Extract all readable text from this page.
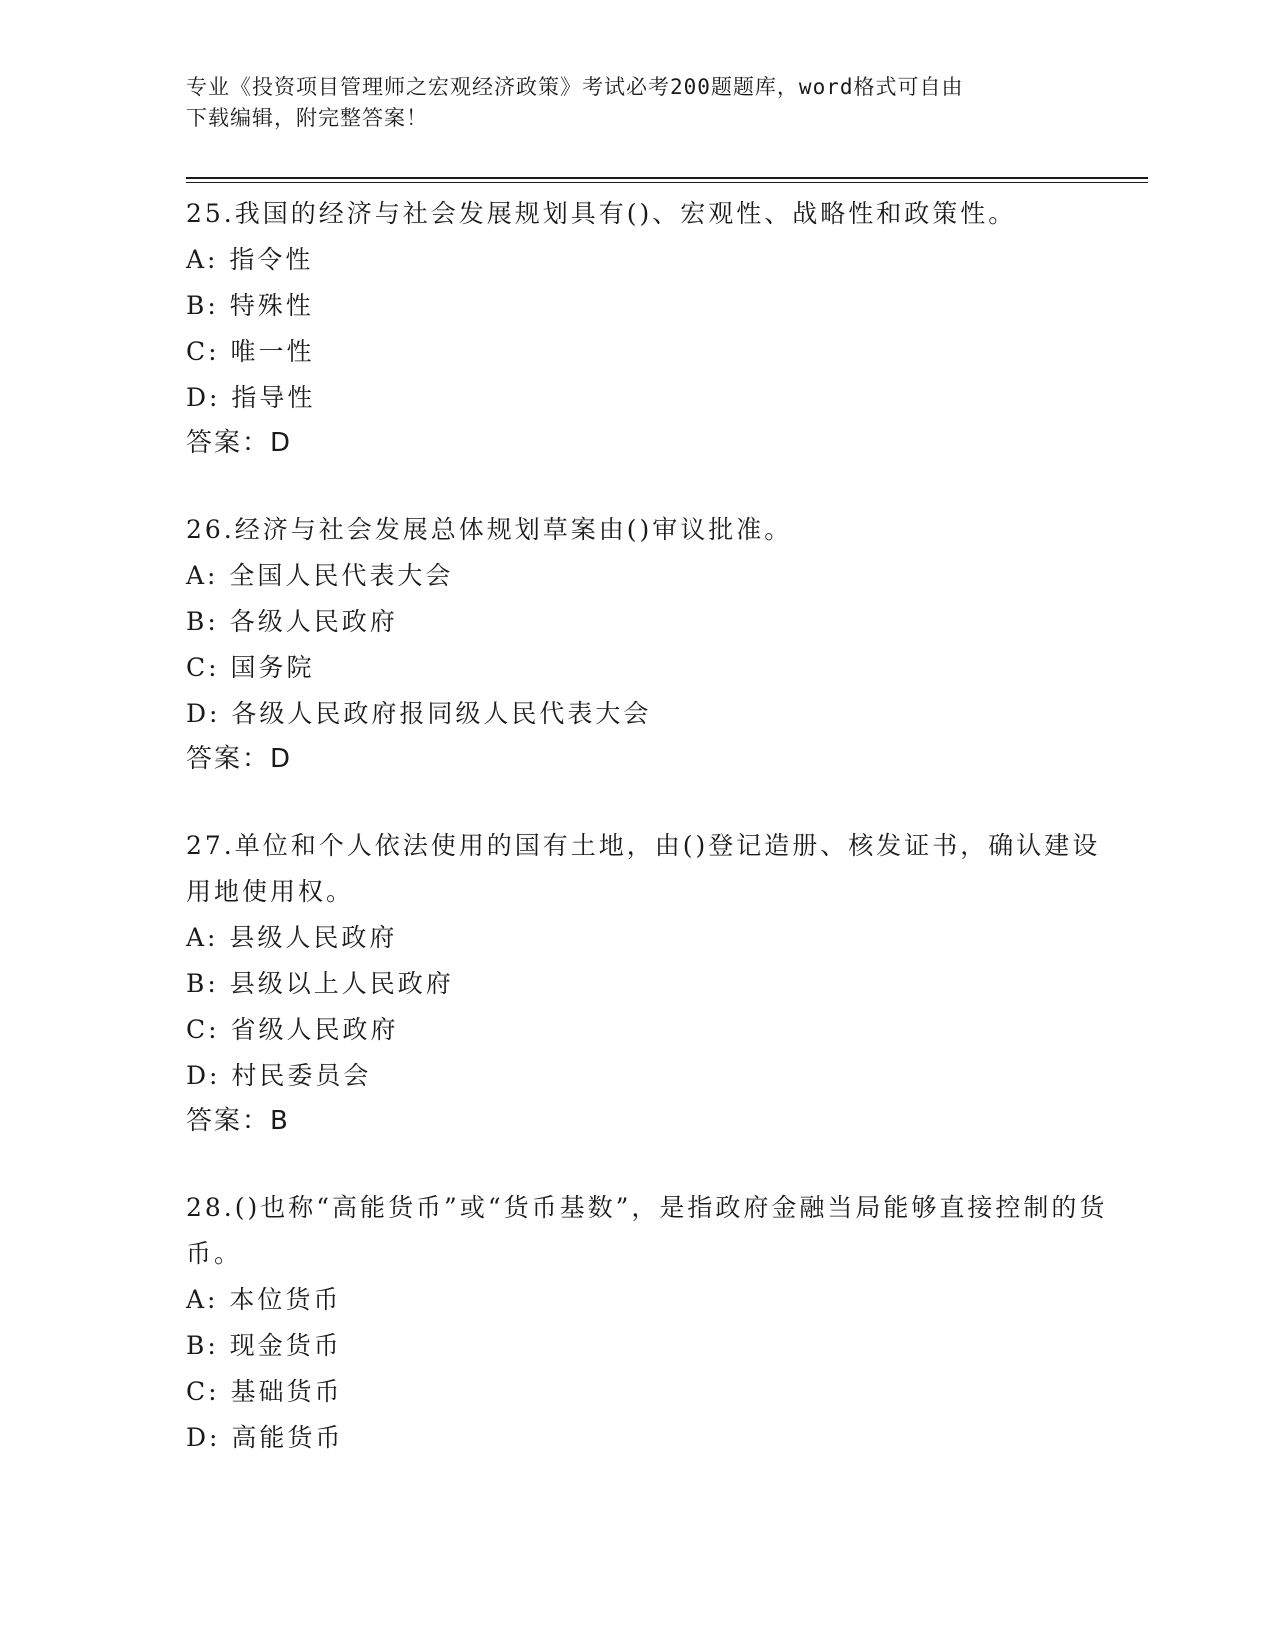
专业《投资项目管理师之宏观经济政策》考试必考200题题库，word格式可自由
下载编辑，附完整答案！

25.我国的经济与社会发展规划具有()、宏观性、战略性和政策性。

A: 指令性

B: 特殊性

C: 唯一性

D: 指导性

答案：D

26.经济与社会发展总体规划草案由()审议批准。

A: 全国人民代表大会

B: 各级人民政府

C: 国务院

D: 各级人民政府报同级人民代表大会

答案：D

27.单位和个人依法使用的国有土地，由()登记造册、核发证书，确认建设用地使用权。

A: 县级人民政府

B: 县级以上人民政府

C: 省级人民政府

D: 村民委员会

答案：B

28.()也称“高能货币”或“货币基数”，是指政府金融当局能够直接控制的货币。

A: 本位货币

B: 现金货币

C: 基础货币

D: 高能货币
